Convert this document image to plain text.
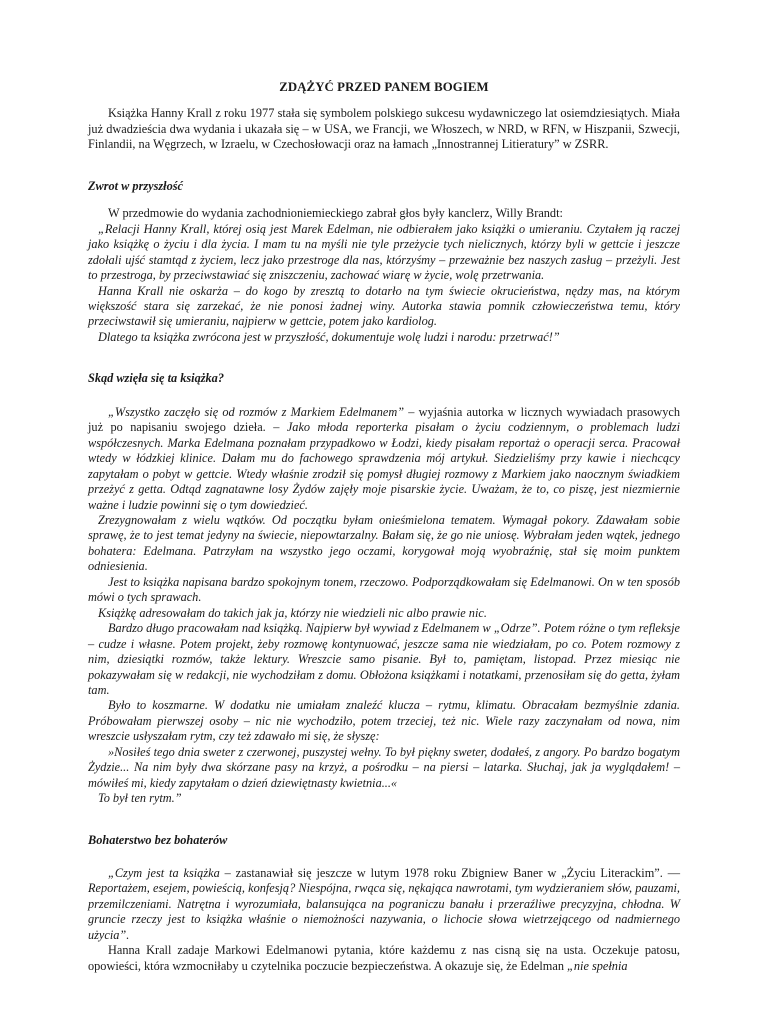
ZDĄŻYĆ PRZED PANEM BOGIEM

Książka Hanny Krall z roku 1977 stała się symbolem polskiego sukcesu wydawniczego lat osiemdziesiątych. Miała już dwadzieścia dwa wydania i ukazała się – w USA, we Francji, we Włoszech, w NRD, w RFN, w Hiszpanii, Szwecji, Finlandii, na Węgrzech, w Izraelu, w Czechosłowacji oraz na łamach „Innostrannej Litieratury” w ZSRR.

Zwrot w przyszłość

W przedmowie do wydania zachodnioniemieckiego zabrał głos były kanclerz, Willy Brandt:

„Relacji Hanny Krall, której osią jest Marek Edelman, nie odbierałem jako książki o umieraniu. Czytałem ją raczej jako książkę o życiu i dla życia. I mam tu na myśli nie tyle przeżycie tych nielicznych, którzy byli w gettcie i jeszcze zdołali ujść stamtąd z życiem, lecz jako przestroge dla nas, którzyśmy – przeważnie bez naszych zasług – przeżyli. Jest to przestroga, by przeciwstawiać się zniszczeniu, zachować wiarę w życie, wolę przetrwania.

Hanna Krall nie oskarża – do kogo by zresztą to dotarło na tym świecie okrucieństwa, nędzy mas, na którym większość stara się zarzekać, że nie ponosi żadnej winy. Autorka stawia pomnik człowieczeństwa temu, który przeciwstawił się umieraniu, najpierw w gettcie, potem jako kardiolog.

Dlatego ta książka zwrócona jest w przyszłość, dokumentuje wolę ludzi i narodu: przetrwać!”

Skąd wzięła się ta książka?

„Wszystko zaczęło się od rozmów z Markiem Edelmanem” – wyjaśnia autorka w licznych wywiadach prasowych już po napisaniu swojego dzieła. – Jako młoda reporterka pisałam o życiu codziennym, o problemach ludzi współczesnych. Marka Edelmana poznałam przypadkowo w Łodzi, kiedy pisałam reportaż o operacji serca. Pracował wtedy w łódzkiej klinice. Dałam mu do fachowego sprawdzenia mój artykuł. Siedzieliśmy przy kawie i niechcący zapytałam o pobyt w gettcie. Wtedy właśnie zrodził się pomysł długiej rozmowy z Markiem jako naocznym świadkiem przeżyć z getta. Odtąd zagnatawne losy Żydów zajęły moje pisarskie życie. Uważam, że to, co piszę, jest niezmiernie ważne i ludzie powinni się o tym dowiedzieć.

Zrezygnowałam z wielu wątków. Od początku byłam onieśmielona tematem. Wymagał pokory. Zdawałam sobie sprawę, że to jest temat jedyny na świecie, niepowtarzalny. Bałam się, że go nie uniosę. Wybrałam jeden wątek, jednego bohatera: Edelmana. Patrzyłam na wszystko jego oczami, korygował moją wyobraźnię, stał się moim punktem odniesienia.

Jest to książka napisana bardzo spokojnym tonem, rzeczowo. Podporządkowałam się Edelmanowi. On w ten sposób mówi o tych sprawach.

Książkę adresowałam do takich jak ja, którzy nie wiedzieli nic albo prawie nic.

Bardzo długo pracowałam nad książką. Najpierw był wywiad z Edelmanem w „Odrze”. Potem różne o tym refleksje – cudze i własne. Potem projekt, żeby rozmowę kontynuować, jeszcze sama nie wiedziałam, po co. Potem rozmowy z nim, dziesiątki rozmów, także lektury. Wreszcie samo pisanie. Był to, pamiętam, listopad. Przez miesiąc nie pokazywałam się w redakcji, nie wychodziłam z domu. Obłożona książkami i notatkami, przenosiłam się do getta, żyłam tam.

Było to koszmarne. W dodatku nie umiałam znaleźć klucza – rytmu, klimatu. Obracałam bezmyślnie zdania. Próbowałam pierwszej osoby – nic nie wychodziło, potem trzeciej, też nic. Wiele razy zaczynałam od nowa, nim wreszcie usłyszałam rytm, czy też zdawało mi się, że słyszę:

»Nosiłeś tego dnia sweter z czerwonej, puszystej wełny. To był piękny sweter, dodałeś, z angory. Po bardzo bogatym Żydzie... Na nim były dwa skórzane pasy na krzyż, a pośrodku – na piersi – latarka. Słuchaj, jak ja wyglądałem! – mówiłeś mi, kiedy zapytałam o dzień dziewiętnasty kwietnia...«

To był ten rytm.”

Bohaterstwo bez bohaterów

„Czym jest ta książka – zastanawiał się jeszcze w lutym 1978 roku Zbigniew Baner w „Życiu Literackim”. — Reportażem, esejem, powieścią, konfesją? Niespójna, rwąca się, nękająca nawrotami, tym wydzieraniem słów, pauzami, przemilczeniami. Natrętna i wyrozumiała, balansująca na pograniczu banału i przeraźliwe precyzyjna, chłodna. W gruncie rzeczy jest to książka właśnie o niemożności nazywania, o lichocie słowa wietrzejącego od nadmiernego użycia”.

Hanna Krall zadaje Markowi Edelmanowi pytania, które każdemu z nas cisną się na usta. Oczekuje patosu, opowieści, która wzmocniłaby u czytelnika poczucie bezpieczeństwa. A okazuje się, że Edelman „nie spełnia
